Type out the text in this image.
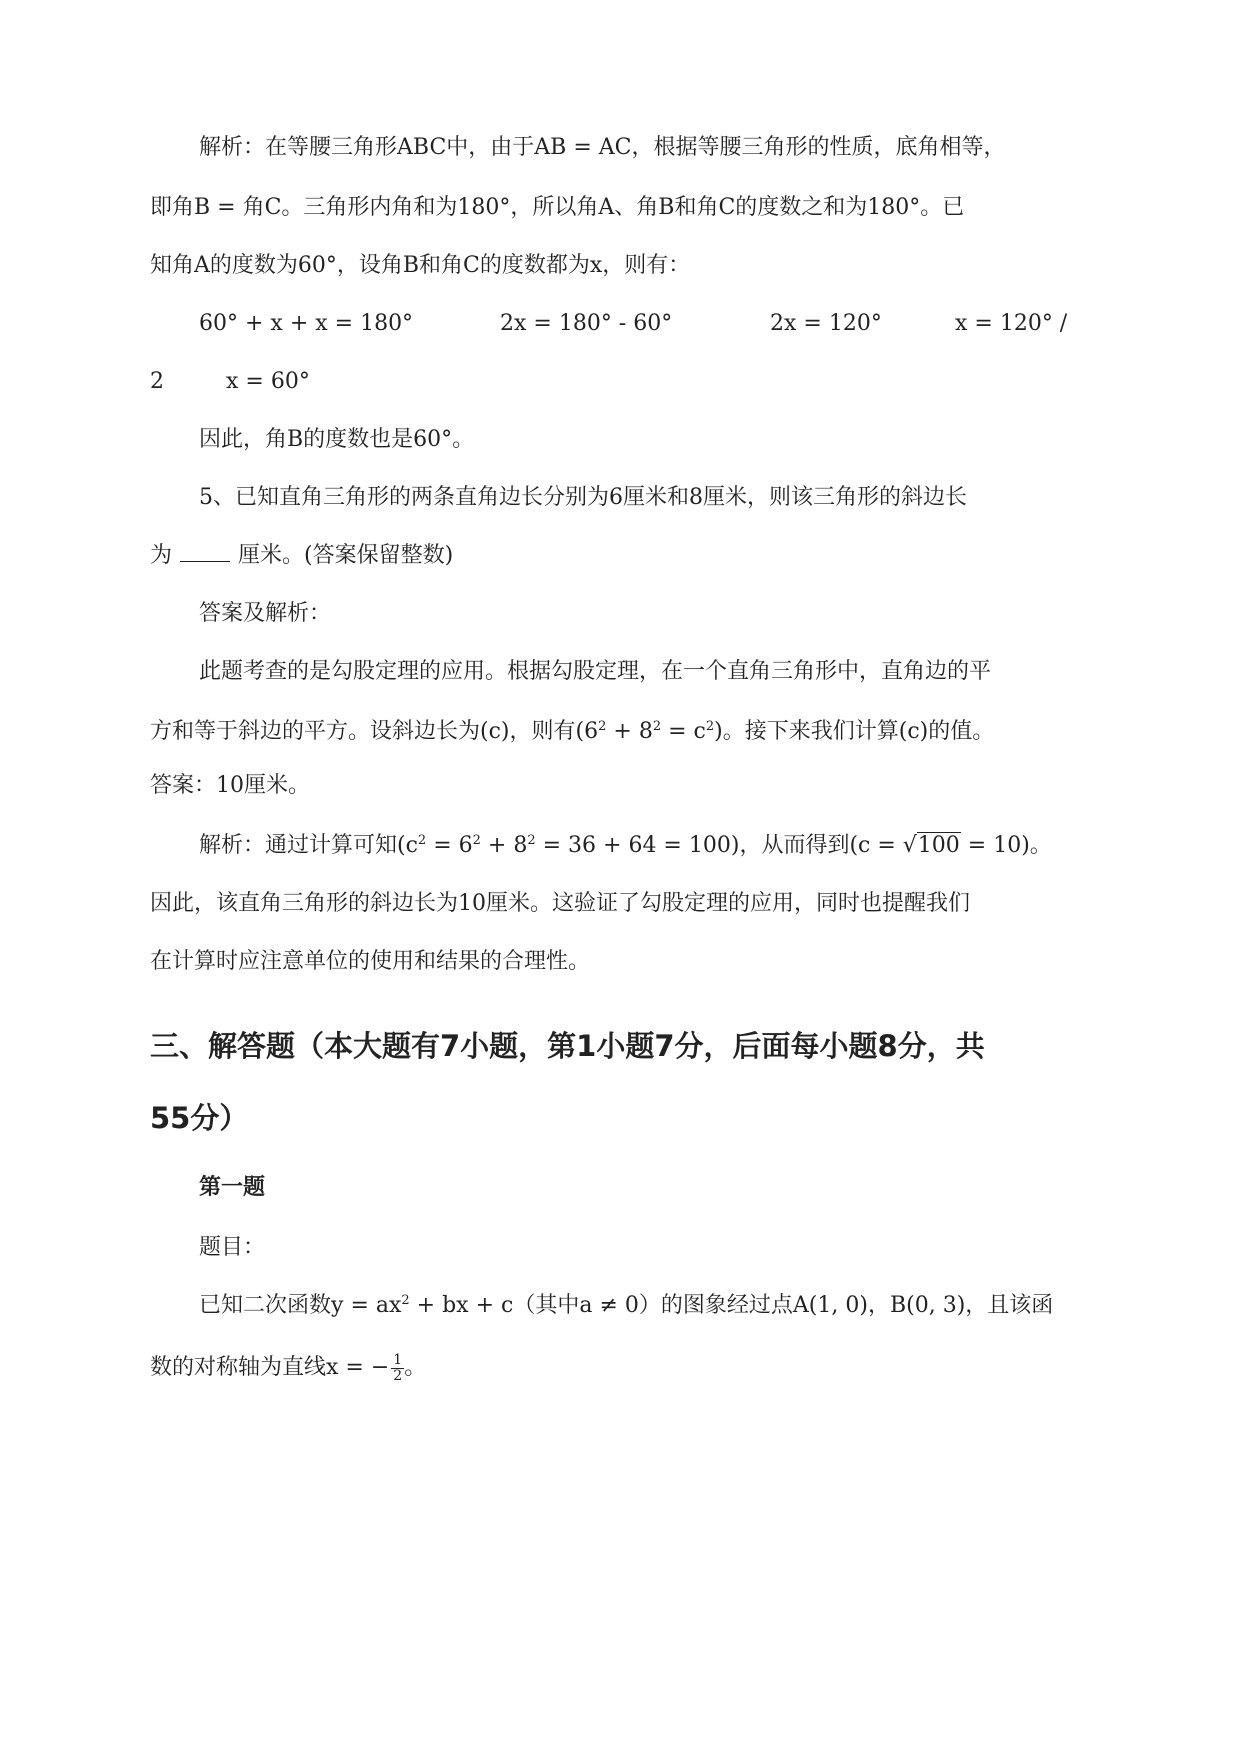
解析：在等腰三角形ABC中，由于AB = AC，根据等腰三角形的性质，底角相等，
即角B = 角C。三角形内角和为180°，所以角A、角B和角C的度数之和为180°。已
知角A的度数为60°，设角B和角C的度数都为x，则有：
60° + x + x = 180°	2x = 180° - 60°	2x = 120°	x = 120° /
2	x = 60°
因此，角B的度数也是60°。
5、已知直角三角形的两条直角边长分别为6厘米和8厘米，则该三角形的斜边长
为	厘米。(答案保留整数)
答案及解析：
此题考查的是勾股定理的应用。根据勾股定理，在一个直角三角形中，直角边的平
方和等于斜边的平方。设斜边长为(c)，则有$(6^2 + 8^2 = c^2)$。接下来我们计算(c)的值。
答案：10厘米。
解析：通过计算可知$(c^2 = 6^2 + 8^2 = 36 + 64 = 100)$，从而得到(c = √100 = 10)。
因此，该直角三角形的斜边长为10厘米。这验证了勾股定理的应用，同时也提醒我们
在计算时应注意单位的使用和结果的合理性。
三、解答题（本大题有7小题，第1小题7分，后面每小题8分，共
55分）
第一题
题目：
已知二次函数$y = ax^2$ + bx + c（其中a ≠ 0）的图象经过点A(1, 0)，B(0, 3)，且该函
数的对称轴为直线x = − $\frac{1}{2}$ 。
